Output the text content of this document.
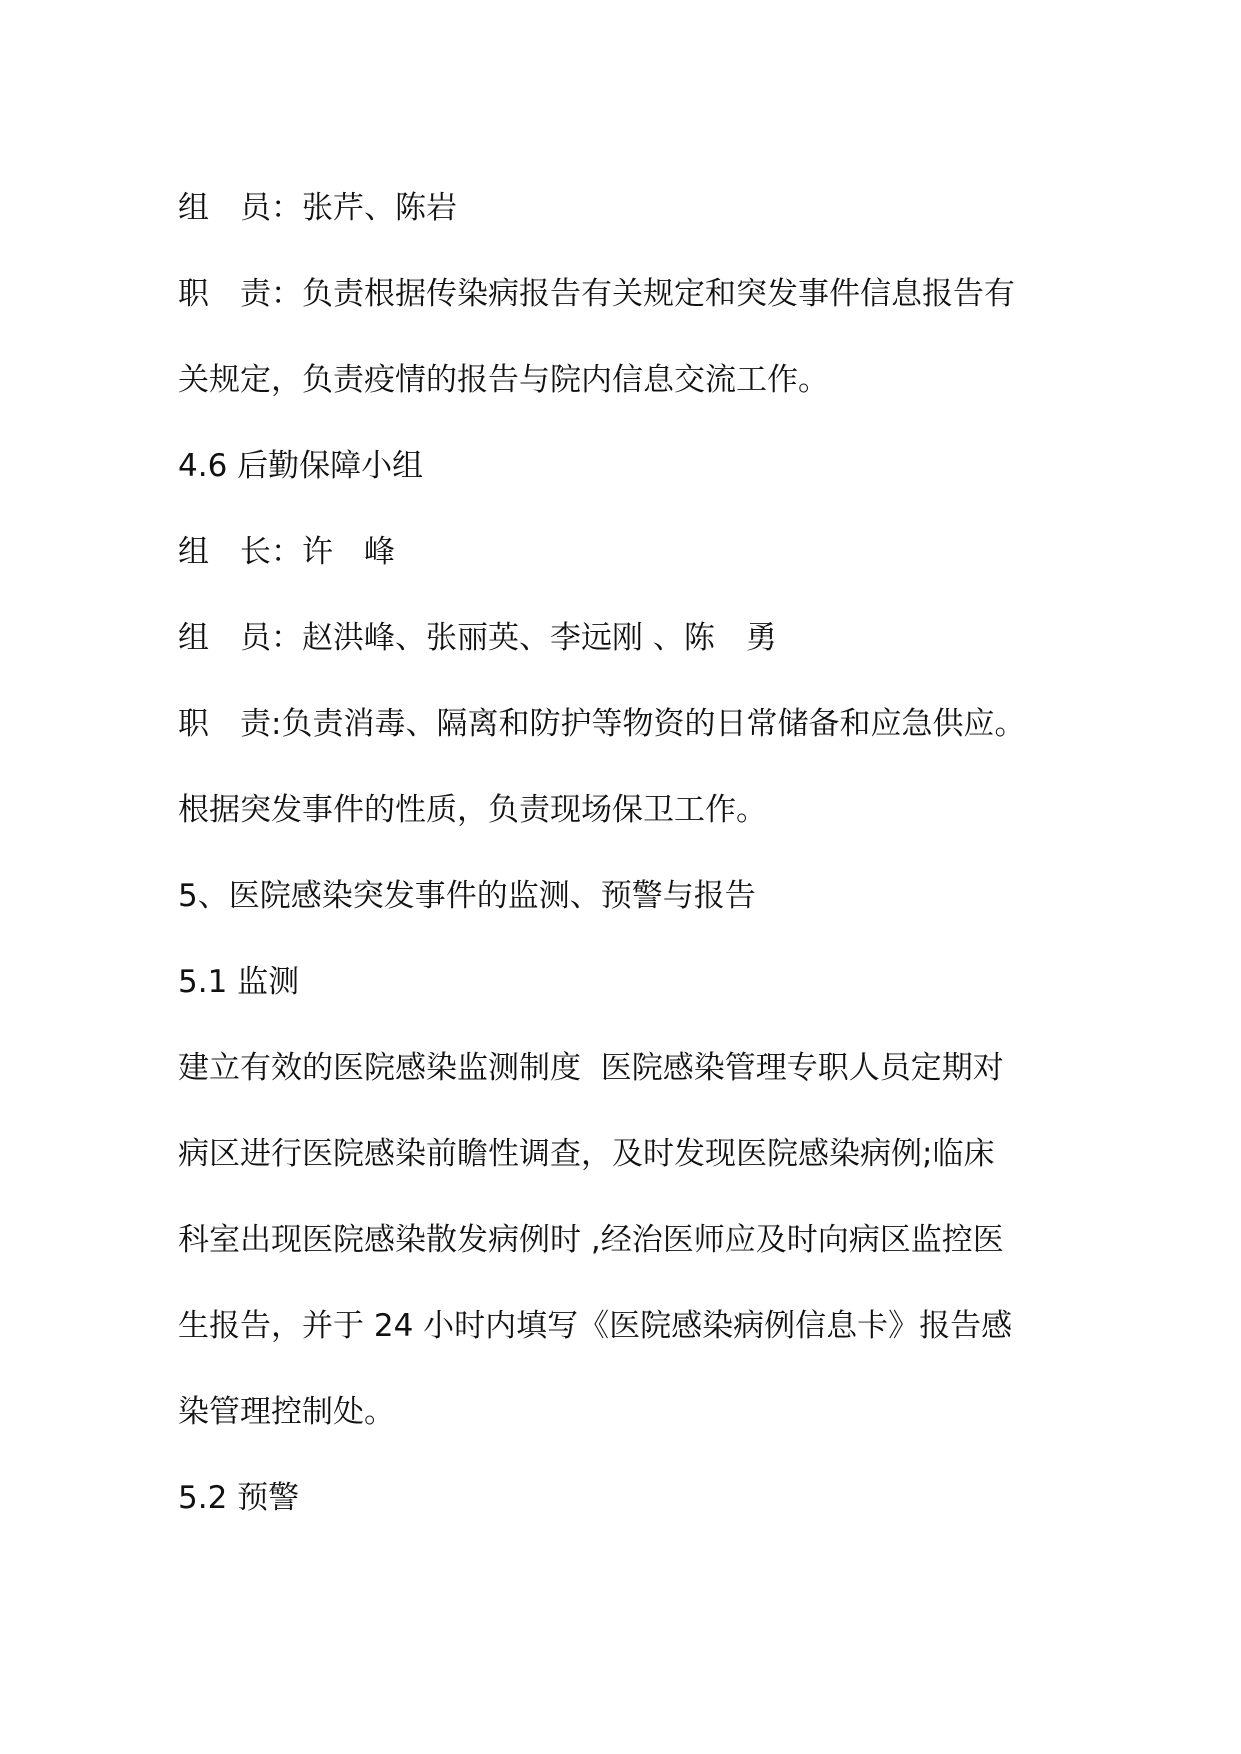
组　员：张芹、陈岩
职　责：负责根据传染病报告有关规定和突发事件信息报告有
关规定，负责疫情的报告与院内信息交流工作。
4.6 后勤保障小组
组　长：许　峰
组　员：赵洪峰、张丽英、李远刚 、陈　勇
职　责:负责消毒、隔离和防护等物资的日常储备和应急供应。
根据突发事件的性质，负责现场保卫工作。
5、医院感染突发事件的监测、预警与报告
5.1 监测
建立有效的医院感染监测制度  医院感染管理专职人员定期对
病区进行医院感染前瞻性调查，及时发现医院感染病例;临床
科室出现医院感染散发病例时 ,经治医师应及时向病区监控医
生报告，并于 24 小时内填写《医院感染病例信息卡》报告感
染管理控制处。
5.2 预警
